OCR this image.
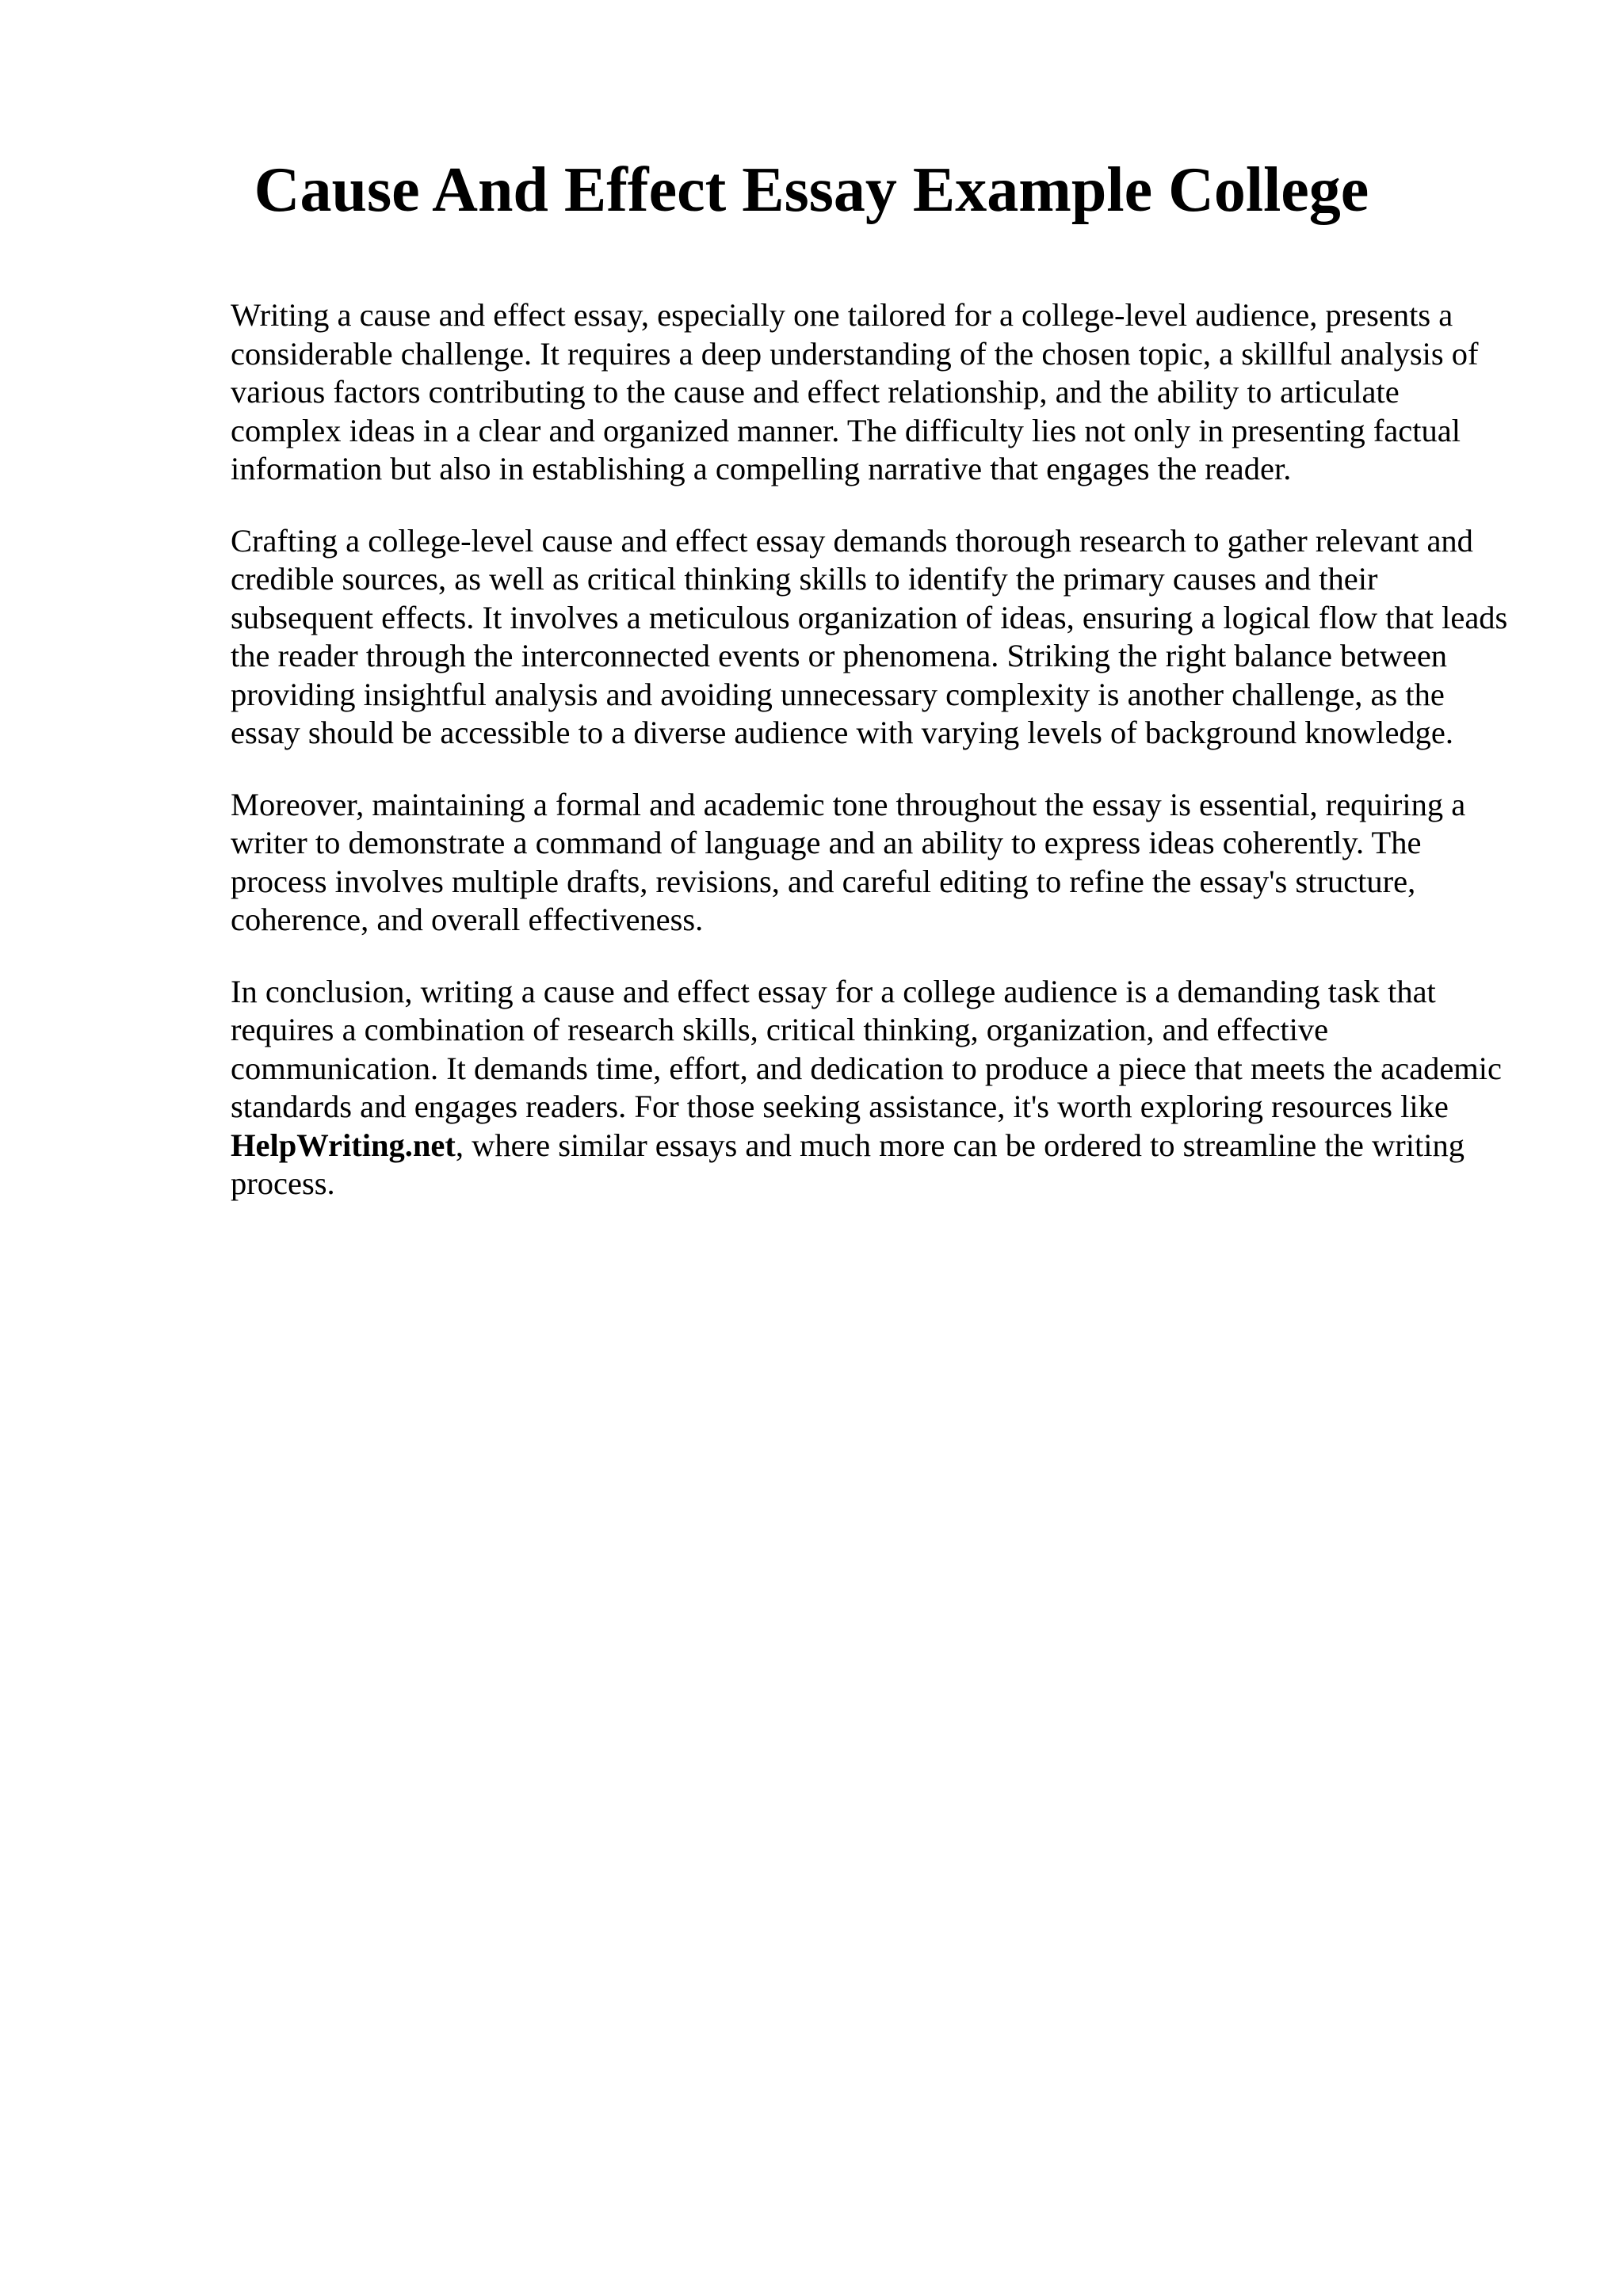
Cause And Effect Essay Example College

Writing a cause and effect essay, especially one tailored for a college-level audience, presents a considerable challenge. It requires a deep understanding of the chosen topic, a skillful analysis of various factors contributing to the cause and effect relationship, and the ability to articulate complex ideas in a clear and organized manner. The difficulty lies not only in presenting factual information but also in establishing a compelling narrative that engages the reader.

Crafting a college-level cause and effect essay demands thorough research to gather relevant and credible sources, as well as critical thinking skills to identify the primary causes and their subsequent effects. It involves a meticulous organization of ideas, ensuring a logical flow that leads the reader through the interconnected events or phenomena. Striking the right balance between providing insightful analysis and avoiding unnecessary complexity is another challenge, as the essay should be accessible to a diverse audience with varying levels of background knowledge.

Moreover, maintaining a formal and academic tone throughout the essay is essential, requiring a writer to demonstrate a command of language and an ability to express ideas coherently. The process involves multiple drafts, revisions, and careful editing to refine the essay's structure, coherence, and overall effectiveness.

In conclusion, writing a cause and effect essay for a college audience is a demanding task that requires a combination of research skills, critical thinking, organization, and effective communication. It demands time, effort, and dedication to produce a piece that meets the academic standards and engages readers. For those seeking assistance, it's worth exploring resources like HelpWriting.net, where similar essays and much more can be ordered to streamline the writing process.
